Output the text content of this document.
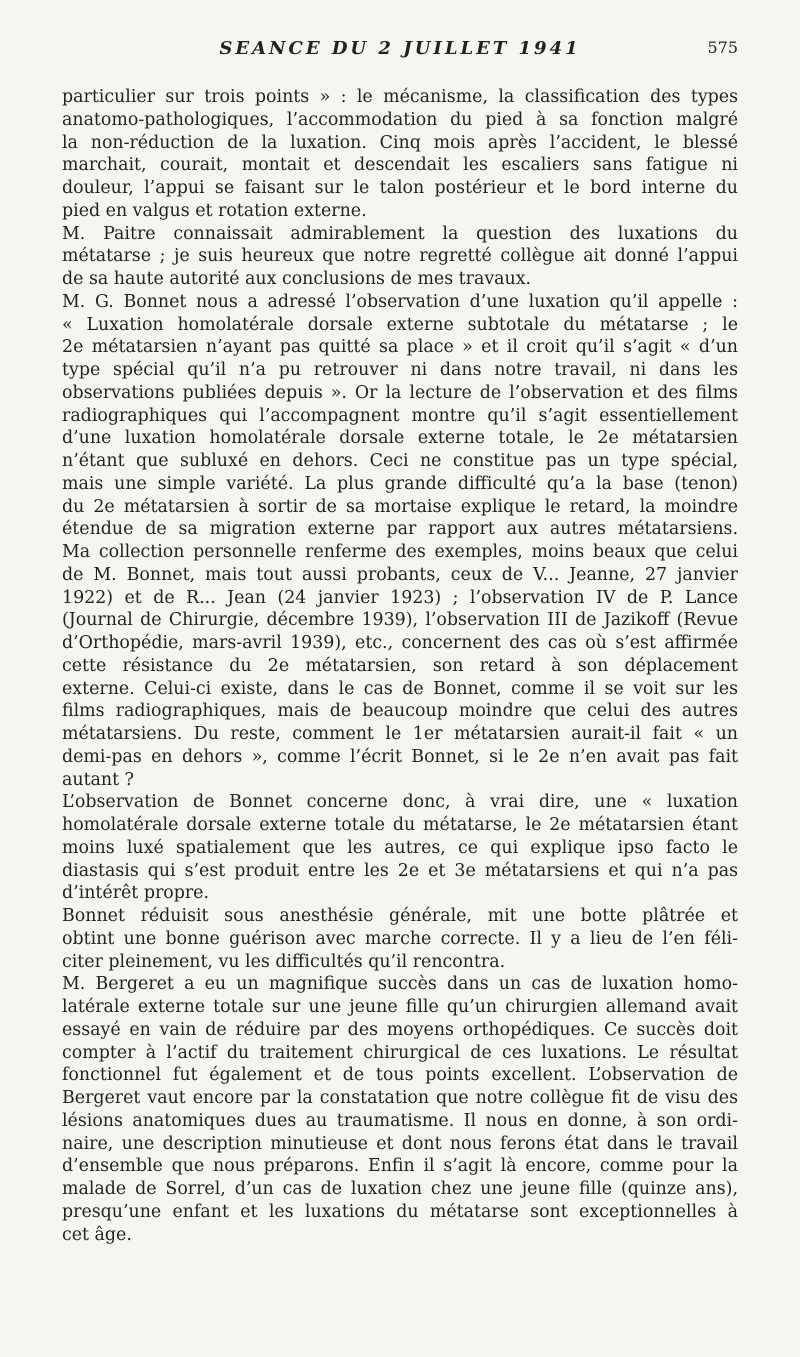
SEANCE DU 2 JUILLET 1941	575
particulier sur trois points » : le mécanisme, la classification des types
anatomo-pathologiques, l’accommodation du pied à sa fonction malgré
la non-réduction de la luxation. Cinq mois après l’accident, le blessé
marchait, courait, montait et descendait les escaliers sans fatigue ni
douleur, l’appui se faisant sur le talon postérieur et le bord interne du
pied en valgus et rotation externe.
M. Paitre connaissait admirablement la question des luxations du
métatarse ; je suis heureux que notre regretté collègue ait donné l’appui
de sa haute autorité aux conclusions de mes travaux.
M. G. Bonnet nous a adressé l’observation d’une luxation qu’il appelle :
« Luxation homolatérale dorsale externe subtotale du métatarse ; le
2e métatarsien n’ayant pas quitté sa place » et il croit qu’il s’agit « d’un
type spécial qu’il n’a pu retrouver ni dans notre travail, ni dans les
observations publiées depuis ». Or la lecture de l’observation et des films
radiographiques qui l’accompagnent montre qu’il s’agit essentiellement
d’une luxation homolatérale dorsale externe totale, le 2e métatarsien
n’étant que subluxé en dehors. Ceci ne constitue pas un type spécial,
mais une simple variété. La plus grande difficulté qu’a la base (tenon)
du 2e métatarsien à sortir de sa mortaise explique le retard, la moindre
étendue de sa migration externe par rapport aux autres métatarsiens.
Ma collection personnelle renferme des exemples, moins beaux que celui
de M. Bonnet, mais tout aussi probants, ceux de V... Jeanne, 27 janvier
1922) et de R... Jean (24 janvier 1923) ; l’observation IV de P. Lance
(Journal de Chirurgie, décembre 1939), l’observation III de Jazikoff (Revue
d’Orthopédie, mars-avril 1939), etc., concernent des cas où s’est affirmée
cette résistance du 2e métatarsien, son retard à son déplacement
externe. Celui-ci existe, dans le cas de Bonnet, comme il se voit sur les
films radiographiques, mais de beaucoup moindre que celui des autres
métatarsiens. Du reste, comment le 1er métatarsien aurait-il fait « un
demi-pas en dehors », comme l’écrit Bonnet, si le 2e n’en avait pas fait
autant ?
L’observation de Bonnet concerne donc, à vrai dire, une « luxation
homolatérale dorsale externe totale du métatarse, le 2e métatarsien étant
moins luxé spatialement que les autres, ce qui explique ipso facto le
diastasis qui s’est produit entre les 2e et 3e métatarsiens et qui n’a pas
d’intérêt propre.
Bonnet réduisit sous anesthésie générale, mit une botte plâtrée et
obtint une bonne guérison avec marche correcte. Il y a lieu de l’en féli-
citer pleinement, vu les difficultés qu’il rencontra.
M. Bergeret a eu un magnifique succès dans un cas de luxation homo-
latérale externe totale sur une jeune fille qu’un chirurgien allemand avait
essayé en vain de réduire par des moyens orthopédiques. Ce succès doit
compter à l’actif du traitement chirurgical de ces luxations. Le résultat
fonctionnel fut également et de tous points excellent. L’observation de
Bergeret vaut encore par la constatation que notre collègue fit de visu des
lésions anatomiques dues au traumatisme. Il nous en donne, à son ordi-
naire, une description minutieuse et dont nous ferons état dans le travail
d’ensemble que nous préparons. Enfin il s’agit là encore, comme pour la
malade de Sorrel, d’un cas de luxation chez une jeune fille (quinze ans),
presqu’une enfant et les luxations du métatarse sont exceptionnelles à
cet âge.
